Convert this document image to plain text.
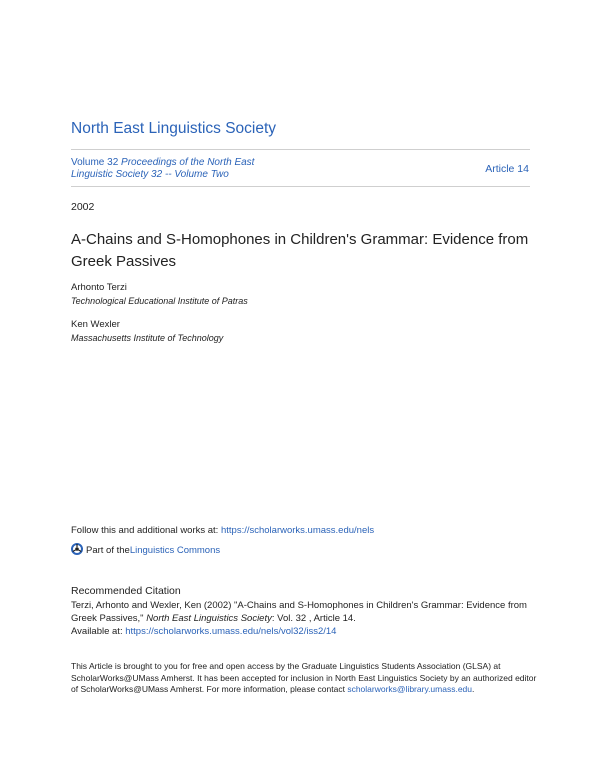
North East Linguistics Society
Volume 32 Proceedings of the North East Linguistic Society 32 -- Volume Two	Article 14
2002
A-Chains and S-Homophones in Children's Grammar: Evidence from Greek Passives
Arhonto Terzi
Technological Educational Institute of Patras
Ken Wexler
Massachusetts Institute of Technology
Follow this and additional works at: https://scholarworks.umass.edu/nels
Part of the Linguistics Commons
Recommended Citation
Terzi, Arhonto and Wexler, Ken (2002) "A-Chains and S-Homophones in Children's Grammar: Evidence from Greek Passives," North East Linguistics Society: Vol. 32 , Article 14.
Available at: https://scholarworks.umass.edu/nels/vol32/iss2/14
This Article is brought to you for free and open access by the Graduate Linguistics Students Association (GLSA) at ScholarWorks@UMass Amherst. It has been accepted for inclusion in North East Linguistics Society by an authorized editor of ScholarWorks@UMass Amherst. For more information, please contact scholarworks@library.umass.edu.
